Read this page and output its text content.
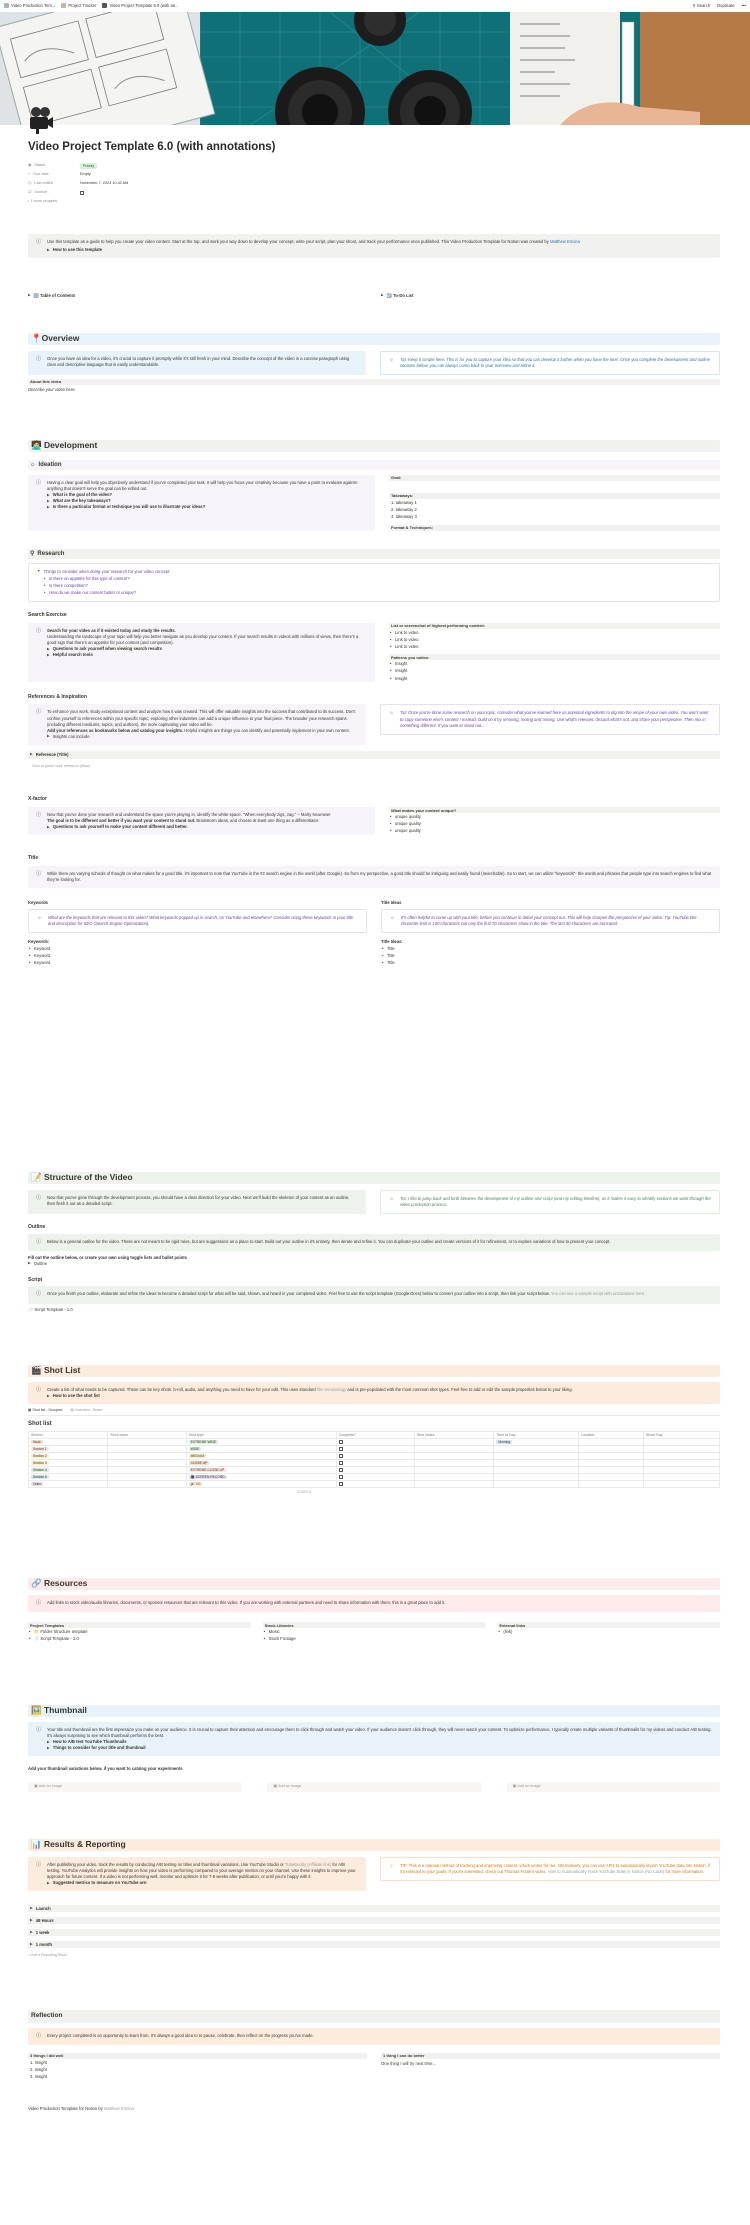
Video Production Tem...	Project Tracker	Video Project Template 6.0 (with an...	⚲ Search Duplicate •••
Video Project Template 6.0 (with annotations)
◉ Status	Priority
□ Due date	Empty
◷ Last edited	November 7, 2023 10:42 AM
☑ Archive
› 1 more property
ⓘ Use this template as a guide to help you create your video content. Start at the top, and work your way down to develop your concept, write your script, plan your shoot, and track your performance once published. This Video Production Template for Notion was created by Matthew Encina
▶ How to use this template
▶ 🔢 Table of Contents	▶ ☑️ To-Do List
📍Overview
ⓘ Once you have an idea for a video, it's crucial to capture it promptly while it's still fresh in your mind. Describe the concept of the video in a concise paragraph using clear and descriptive language that is easily understandable.
☼	Tip: Keep it simple here. This is for you to capture your idea so that you can develop it further when you have the time. Once you complete the development and outline sections below, you can always come back to your overview and refine it.
About this video
Describe your video here.
🧑‍💻 Development
☼ Ideation
ⓘ Having a clear goal will help you objectively understand if you've completed your task. It will help you focus your creativity because you have a point to evaluate against- anything that doesn't serve the goal can be edited out.
▶ What is the goal of the video?
▶ What are the key takeaways?
▶ Is there a particular format or technique you will use to illustrate your ideas?
Goal:
Takeaways:
1. takeaway 1
2. takeaway 2
3. takeaway 3
Format & Techniques:
⚲ Research
▼ Things to consider when doing your research for your video concept
• Is there an appetite for this type of content?
• Is there competition?
• How do we make our content better or unique?
Search Exercise
ⓘ Search for your video as if it existed today and study the results.
Understanding the landscape of your topic will help you better navigate as you develop your content. If your search results in videos with millions of views, then there's a good sign that there's an appetite for your content (and competition).
▶ Questions to ask yourself when viewing search results
▶ Helpful search tools
List or screenshot of highest performing content:
• Link to video
• Link to video
• Link to video
Patterns you notice:
• Insight
• Insight
• Insight
References & Inspiration
ⓘ To enhance your work, study exceptional content and analyze how it was created. This will offer valuable insights into the success that contributed to its success. Don't confine yourself to references within your specific topic; exploring other industries can add a unique influence to your final piece. The broader your research spans (including different mediums, topics, and authors), the more captivating your video will be.
Add your references as bookmarks below and catalog your insights. Helpful insights are things you can identify and potentially implement in your own content.
▶ Insights can include
☼	Tip: Once you're done some research on your topic, consider what you've learned here as potential ingredients to dig into the recipe of your own video. You won't want to copy someone else's content ! Instead, build on it by remixing, mixing and mixing. Use what's relevant, discard what's not, and share your perspective. Then mix in something different. If you want to stand out...
▶ Reference (Title)
Click to paste more reference (Alias)
X-factor
ⓘ Now that you've done your research and understand the space you're playing in, identify the white space. "When everybody zigs, zag." – Marty Neumeier
The goal is to be different and better if you want your content to stand out. Brainstorm ideas, and choose at least one thing as a differentiator
▶ Questions to ask yourself to make your content different and better.
What makes your content unique?
• unique quality
• unique quality
• unique quality
Title
ⓘ While there are varying schools of thought on what makes for a good title, it's important to note that YouTube is the #2 search engine in the world (after Google). So from my perspective, a good title should be intriguing and easily found (searchable). So to start, we can utilize "keywords"- the words and phrases that people type into search engines to find what they're looking for.
Keywords
☼	What are the keywords that are relevant to this video? What keywords popped up in search, on YouTube and elsewhere? Consider using these keywords in your title and description for SEO (Search Engine Optimization).
Keywords:
• Keyword
• Keyword
• Keyword
Title Ideas
☼	It's often helpful to come up with your title, before you continue to detail your concept out. This will help sharpen the perspective of your video. Tip: YouTube title character limit is 100 characters but only the first 70 characters show in the title. The last 30 characters are truncated.
Title Ideas:
• Title
• Title
• Title
📝 Structure of the Video
ⓘ Now that you've gone through the development process, you should have a clear direction for your video. Next we'll build the skeleton of your content as an outline, then flesh it out as a detailed script.
☼	Tip: I like to jump back and forth between the development of my outline and script (and my editing timeline), as it makes it easy to identify sections we want through the video production process.
Outline
ⓘ Below is a general outline for the video. These are not meant to be rigid rules, but are suggestions as a place to start. Build out your outline in it's entirety, then iterate and refine it. You can duplicate your outline and create versions of it for refinement, or to explore variations of how to present your concept.
Fill out the outline below, or create your own using toggle lists and bullet points
▶ Outline
Script
ⓘ Once you finish your outline, elaborate and refine the ideas to become a detailed script for what will be said, shown, and heard in your completed video. Feel free to use the script template (Google Docs) below to convert your outline into a script, then link your script below. You can see a sample script with annotations here.
📄 Script Template - 1.0
🎬 Shot List
ⓘ Create a list of what needs to be captured. These can be key shots, b-roll, audio, and anything you need to have for your edit. This uses standard film terminology and is pre-populated with the most common shot types. Feel free to add or edit the sample properties below to your liking.
▶ How to use the shot list
▦ Shot list - Grouped ▤ Overview - Board
Shot list
Section	Shot name	Shot type	Complete?	Shot Notes	Time of Day	Location	Shoot Day
Hook		EXTREME WIDE			Morning		
Section 1		WIDE					
Section 2		MEDIUM					
Section 3		CLOSE UP					
Section 4		EXTREME CLOSE UP					
Section 5		🎥 SCREEN RECORD					
Outro		🔊 VO					
COUNT 8
🔗 Resources
ⓘ Add links to stock video/audio libraries, documents, or sponsor resources that are relevant to this video. If you are working with external partners and need to share information with them, this is a great place to add it.
Project Templates
• 📁 Folder Structure template
• 📄 Script Template - 1.0
Stock Libraries
• Music
• Stock Footage
External links
• (link)
🖼️ Thumbnail
ⓘ Your title and thumbnail are the first impression you make on your audience. It is crucial to capture their attention and encourage them to click through and watch your video. If your audience doesn't click through, they will never watch your content. To optimize performance, I typically create multiple variants of thumbnails for my videos and conduct A/B testing. It's always surprising to see which thumbnail performs the best.
▶ How to A/B test YouTube Thumbnails
▶ Things to consider for your title and thumbnail
Add your thumbnail variations below, if you want to catalog your experiments
▣
Add an image	▣
Add an image	▣
Add an image
📊 Results & Reporting
ⓘ After publishing your video, track the results by conducting A/B testing on titles and thumbnail variations. Use YouTube Studio or TubeBuddy (Affiliate link) for A/B testing. YouTube Analytics will provide insights on how your video is performing compared to your average metrics on your channel. Use these insights to improve your approach for future content. If a video is not performing well, monitor and optimize it for 7-8 weeks after publication, or until you're happy with it
▶ Suggested metrics to measure on YouTube are:
☼	TIP: This is a manual method of tracking and improving content, which works for me. Alternatively, you can use APIs to automatically import YouTube data into Notion, if it's relevant to your goals. If you're interested, check out Thomas Frank's video, How to Automatically Track YouTube Stats in Notion (No Code) for more information.
▶ Launch
▶ 48 Hours
▶ 1 week
▶ 1 month
+ Add a Reporting Block
Reflection
ⓘ Every project completed is an opportunity to learn from. It's always a good idea to to pause, celebrate, then reflect on the progress you've made.
3 things I did well
1. Insight
2. Insight
3. Insight
1 thing I can do better
One thing I will try next time...
Video Production Template for Notion by Matthew Encina
